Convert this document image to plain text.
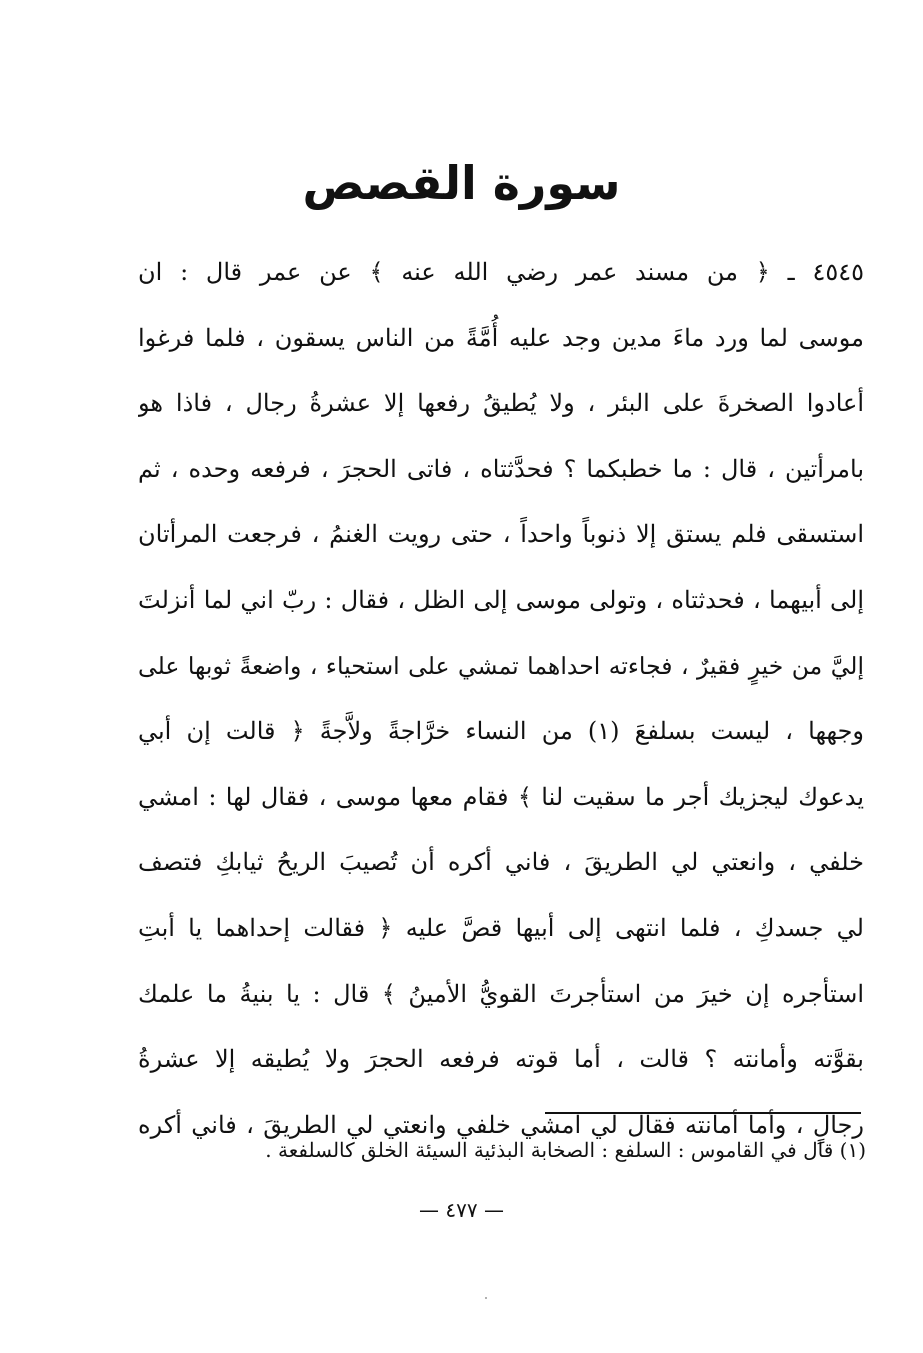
سورة القصص
٤٥٤٥ ـ ﴿ من مسند عمر رضي الله عنه ﴾ عن عمر قال : ان
موسى لما ورد ماءَ مدين وجد عليه أُمَّةً من الناس يسقون ، فلما فرغوا
أعادوا الصخرةَ على البئر ، ولا يُطيقُ رفعها إلا عشرةُ رجال ، فاذا هو
بامرأتين ، قال : ما خطبكما ؟ فحدَّثتاه ، فاتى الحجرَ ، فرفعه وحده ، ثم
استسقى فلم يستق إلا ذنوباً واحداً ، حتى رويت الغنمُ ، فرجعت المرأتان
إلى أبيهما ، فحدثتاه ، وتولى موسى إلى الظل ، فقال : ربّ اني لما أنزلتَ
إليَّ من خيرٍ فقيرٌ ، فجاءته احداهما تمشي على استحياء ، واضعةً ثوبها على
وجهها ، ليست بسلفعَ (١) من النساء خرَّاجةً ولاَّجةً ﴿ قالت إن أبي
يدعوك ليجزيك أجر ما سقيت لنا ﴾ فقام معها موسى ، فقال لها : امشي
خلفي ، وانعتي لي الطريقَ ، فاني أكره أن تُصيبَ الريحُ ثيابكِ فتصف
لي جسدكِ ، فلما انتهى إلى أبيها قصَّ عليه ﴿ فقالت إحداهما يا أبتِ
استأجره إن خيرَ من استأجرتَ القويُّ الأمينُ ﴾ قال : يا بنيةُ ما علمك
بقوَّته وأمانته ؟ قالت ، أما قوته فرفعه الحجرَ ولا يُطيقه إلا عشرةُ
رجالٍ ، وأما أمانته فقال لي امشي خلفي وانعتي لي الطريقَ ، فاني أكره
(١) قال في القاموس : السلفع : الصخابة البذئية السيئة الخلق كالسلفعة .
— ٤٧٧ —
